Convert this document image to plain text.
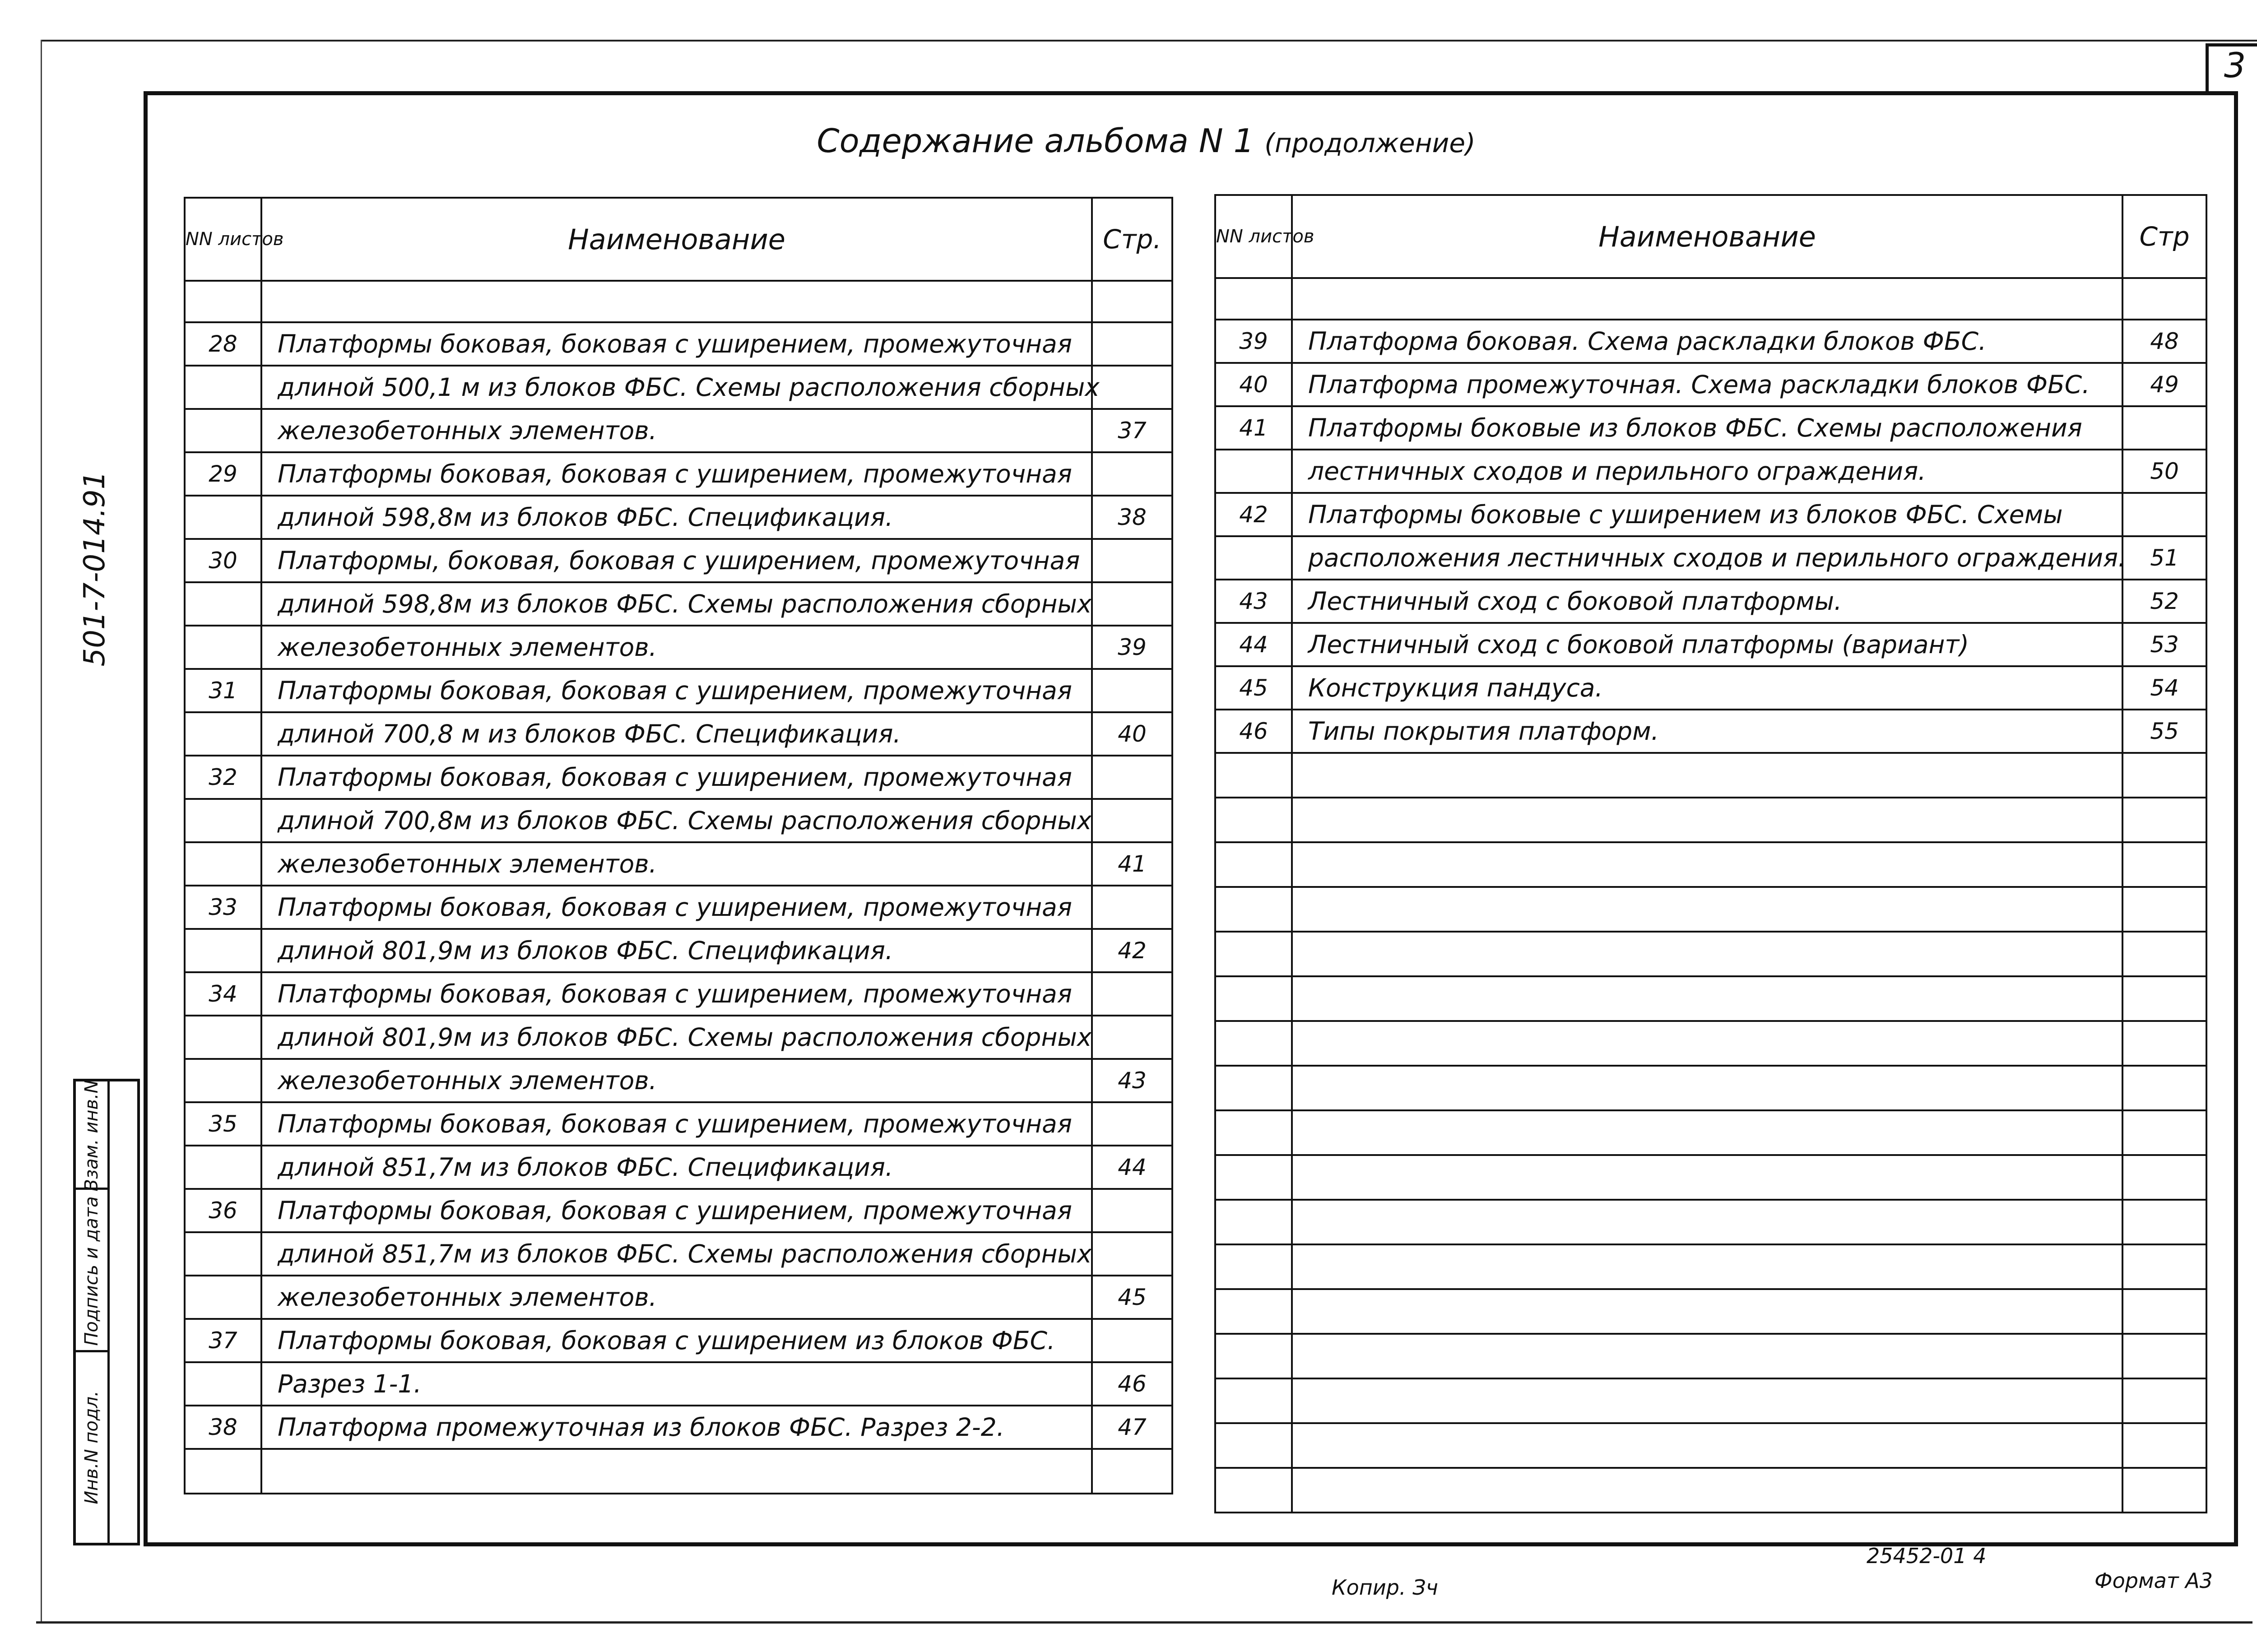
3
Содержание альбома N 1 (продолжение)
501-7-014.91
Взам. инв.N
Подпись и дата
Инв.N подл.
NN листов	Наименование	Стр.

28	Платформы боковая, боковая с уширением, промежуточная	
	длиной 500,1 м из блоков ФБС. Схемы расположения сборных	
	железобетонных элементов.	37
29	Платформы боковая, боковая с уширением, промежуточная	
	длиной 598,8м из блоков ФБС. Спецификация.	38
30	Платформы, боковая, боковая с уширением, промежуточная	
	длиной 598,8м из блоков ФБС. Схемы расположения сборных	
	железобетонных элементов.	39
31	Платформы боковая, боковая с уширением, промежуточная	
	длиной 700,8 м из блоков ФБС. Спецификация.	40
32	Платформы боковая, боковая с уширением, промежуточная	
	длиной 700,8м из блоков ФБС. Схемы расположения сборных	
	железобетонных элементов.	41
33	Платформы боковая, боковая с уширением, промежуточная	
	длиной 801,9м из блоков ФБС. Спецификация.	42
34	Платформы боковая, боковая с уширением, промежуточная	
	длиной 801,9м из блоков ФБС. Схемы расположения сборных	
	железобетонных элементов.	43
35	Платформы боковая, боковая с уширением, промежуточная	
	длиной 851,7м из блоков ФБС. Спецификация.	44
36	Платформы боковая, боковая с уширением, промежуточная	
	длиной 851,7м из блоков ФБС. Схемы расположения сборных	
	железобетонных элементов.	45
37	Платформы боковая, боковая с уширением из блоков ФБС.	
	Разрез 1-1.	46
38	Платформа промежуточная из блоков ФБС. Разрез 2-2.	47

NN листов	Наименование	Стр

39	Платформа боковая. Схема раскладки блоков ФБС.	48
40	Платформа промежуточная. Схема раскладки блоков ФБС.	49
41	Платформы боковые из блоков ФБС. Схемы расположения	
	лестничных сходов и перильного ограждения.	50
42	Платформы боковые с уширением из блоков ФБС. Схемы	
	расположения лестничных сходов и перильного ограждения.	51
43	Лестничный сход с боковой платформы.	52
44	Лестничный сход с боковой платформы (вариант)	53
45	Конструкция пандуса.	54
46	Типы покрытия платформ.	55

25452-01 4
Копир. Зч	Формат А3
